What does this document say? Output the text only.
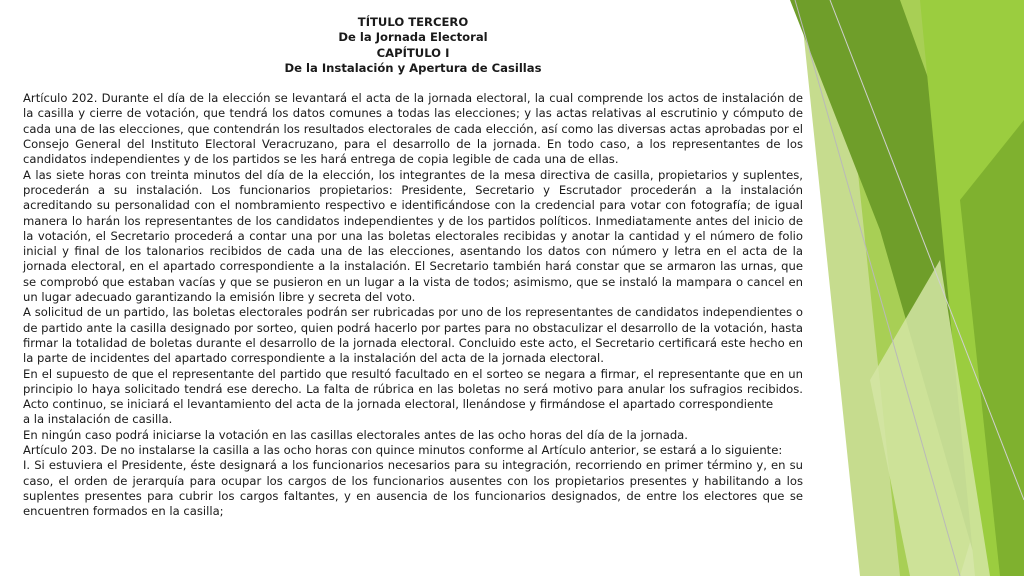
TÍTULO TERCERO
De la Jornada Electoral
CAPÍTULO I
De la Instalación y Apertura de Casillas

Artículo 202. Durante el día de la elección se levantará el acta de la jornada electoral, la cual comprende los actos de instalación de la casilla y cierre de votación, que tendrá los datos comunes a todas las elecciones; y las actas relativas al escrutinio y cómputo de cada una de las elecciones, que contendrán los resultados electorales de cada elección, así como las diversas actas aprobadas por el Consejo General del Instituto Electoral Veracruzano, para el desarrollo de la jornada. En todo caso, a los representantes de los candidatos independientes y de los partidos se les hará entrega de copia legible de cada una de ellas.

A las siete horas con treinta minutos del día de la elección, los integrantes de la mesa directiva de casilla, propietarios y suplentes, procederán a su instalación. Los funcionarios propietarios: Presidente, Secretario y Escrutador procederán a la instalación acreditando su personalidad con el nombramiento respectivo e identificándose con la credencial para votar con fotografía; de igual manera lo harán los representantes de los candidatos independientes y de los partidos políticos. Inmediatamente antes del inicio de la votación, el Secretario procederá a contar una por una las boletas electorales recibidas y anotar la cantidad y el número de folio inicial y final de los talonarios recibidos de cada una de las elecciones, asentando los datos con número y letra en el acta de la jornada electoral, en el apartado correspondiente a la instalación. El Secretario también hará constar que se armaron las urnas, que se comprobó que estaban vacías y que se pusieron en un lugar a la vista de todos; asimismo, que se instaló la mampara o cancel en un lugar adecuado garantizando la emisión libre y secreta del voto.

A solicitud de un partido, las boletas electorales podrán ser rubricadas por uno de los representantes de candidatos independientes o de partido ante la casilla designado por sorteo, quien podrá hacerlo por partes para no obstaculizar el desarrollo de la votación, hasta firmar la totalidad de boletas durante el desarrollo de la jornada electoral. Concluido este acto, el Secretario certificará este hecho en la parte de incidentes del apartado correspondiente a la instalación del acta de la jornada electoral.

En el supuesto de que el representante del partido que resultó facultado en el sorteo se negara a firmar, el representante que en un principio lo haya solicitado tendrá ese derecho. La falta de rúbrica en las boletas no será motivo para anular los sufragios recibidos. Acto continuo, se iniciará el levantamiento del acta de la jornada electoral, llenándose y firmándose el apartado correspondiente

a la instalación de casilla.

En ningún caso podrá iniciarse la votación en las casillas electorales antes de las ocho horas del día de la jornada.

Artículo 203. De no instalarse la casilla a las ocho horas con quince minutos conforme al Artículo anterior, se estará a lo siguiente:

I. Si estuviera el Presidente, éste designará a los funcionarios necesarios para su integración, recorriendo en primer término y, en su caso, el orden de jerarquía para ocupar los cargos de los funcionarios ausentes con los propietarios presentes y habilitando a los suplentes presentes para cubrir los cargos faltantes, y en ausencia de los funcionarios designados, de entre los electores que se encuentren formados en la casilla;
